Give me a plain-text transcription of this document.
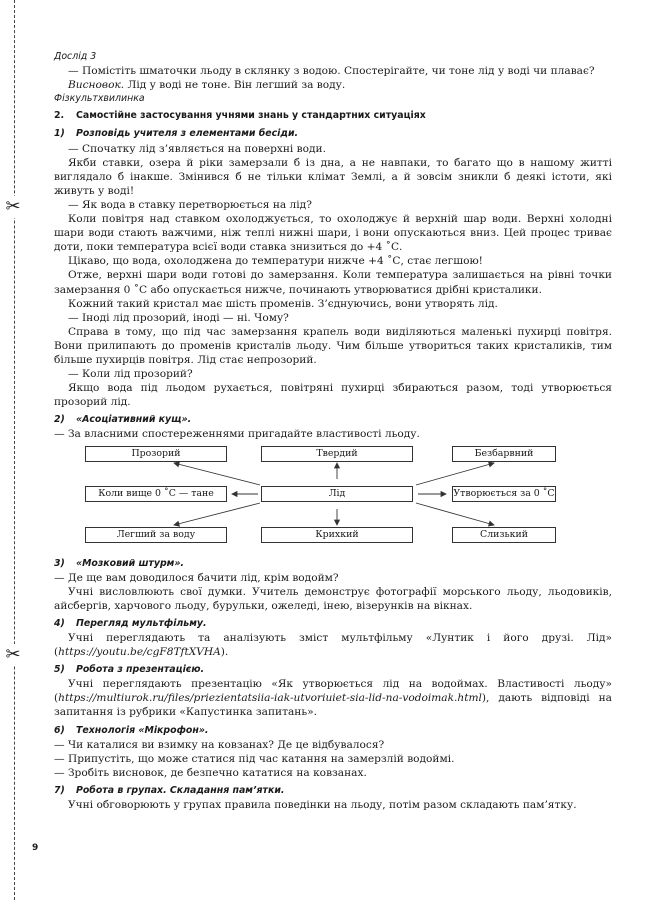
✂
✂

Дослід 3

— Помістіть шматочки льоду в склянку з водою. Спостерігайте, чи тоне лід у воді чи плаває?

Висновок. Лід у воді не тоне. Він легший за воду.

Фізкультхвилинка

2. Самостійне застосування учнями знань у стандартних ситуаціях

1) Розповідь учителя з елементами бесіди.

— Спочатку лід з’являється на поверхні води.

Якби ставки, озера й ріки замерзали б із дна, а не навпаки, то багато що в нашому житті виглядало б інакше. Змінився б не тільки клімат Землі, а й зовсім зникли б деякі істоти, які живуть у воді!

— Як вода в ставку перетворюється на лід?

Коли повітря над ставком охолоджується, то охолоджує й верхній шар води. Верхні холодні шари води стають важчими, ніж теплі нижні шари, і вони опускаються вниз. Цей процес триває доти, поки температура всієї води ставка знизиться до +4 ˚С.

Цікаво, що вода, охолоджена до температури нижче +4 ˚С, стає легшою!

Отже, верхні шари води готові до замерзання. Коли температура залишається на рівні точки замерзання 0 ˚С або опускається нижче, починають утворюватися дрібні кристалики.

Кожний такий кристал має шість променів. З’єднуючись, вони утворять лід.

— Іноді лід прозорий, іноді — ні. Чому?

Справа в тому, що під час замерзання крапель води виділяються маленькі пухирці повітря. Вони прилипають до променів кристалів льоду. Чим більше утвориться таких кристаликів, тим більше пухирців повітря. Лід стає непрозорий.

— Коли лід прозорий?

Якщо вода під льодом рухається, повітряні пухирці збираються разом, тоді утворюється прозорий лід.

2) «Асоціативний кущ».

— За власними спостереженнями пригадайте властивості льоду.

Прозорий	Твердий	Безбарвний
Коли вище 0 ˚С — тане	Лід	Утворюється за 0 ˚С
Легший за воду	Крихкий	Слизький

3) «Мозковий штурм».

— Де ще вам доводилося бачити лід, крім водойм?

Учні висловлюють свої думки. Учитель демонструє фотографії морського льоду, льодовиків, айсбергів, харчового льоду, бурульки, ожеледі, інею, візерунків на вікнах.

4) Перегляд мультфільму.

Учні переглядають та аналізують зміст мультфільму «Лунтик і його друзі. Лід» (https://youtu.be/cgF8TftXVHA).

5) Робота з презентацією.

Учні переглядають презентацію «Як утворюється лід на водоймах. Властивості льоду» (https://multiurok.ru/files/priezientatsiia-iak-utvoriuiet-sia-lid-na-vodoimak.html), дають відповіді на запитання із рубрики «Капустинка запитань».

6) Технологія «Мікрофон».

— Чи каталися ви взимку на ковзанах? Де це відбувалося?

— Припустіть, що може статися під час катання на замерзлій водоймі.

— Зробіть висновок, де безпечно кататися на ковзанах.

7) Робота в групах. Складання пам’ятки.

Учні обговорюють у групах правила поведінки на льоду, потім разом складають пам’ятку.

9
